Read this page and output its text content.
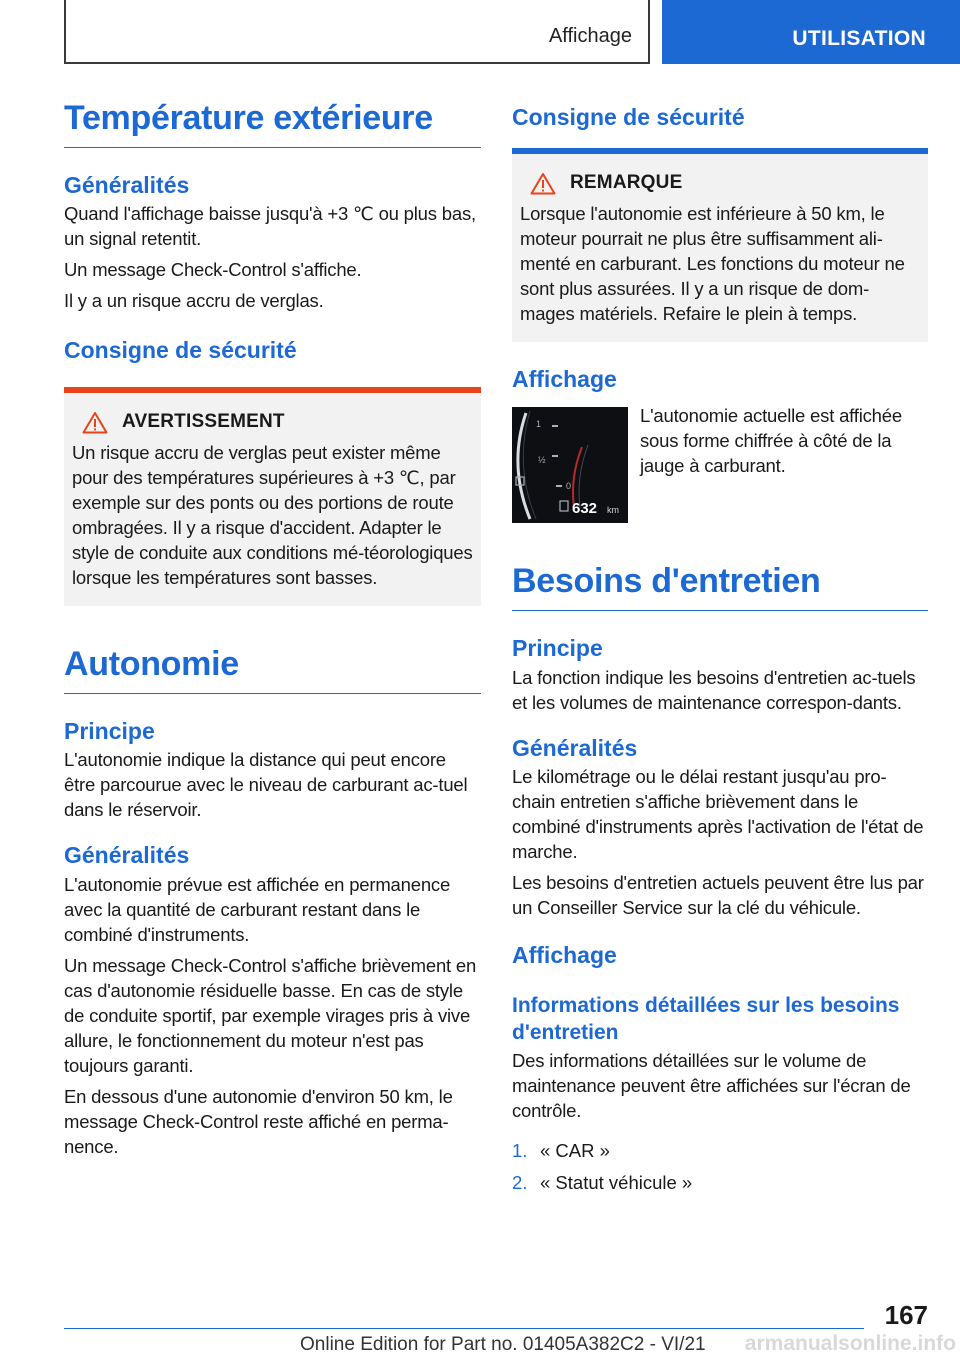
Affichage	UTILISATION
Température extérieure
Généralités

Quand l'affichage baisse jusqu'à +3 ℃ ou plus bas, un signal retentit.

Un message Check-Control s'affiche.

Il y a un risque accru de verglas.

Consigne de sécurité
AVERTISSEMENT

Un risque accru de verglas peut exister même pour des températures supérieures à +3 ℃, par exemple sur des ponts ou des portions de route ombragées. Il y a risque d'accident. Adapter le style de conduite aux conditions mé-téorologiques lorsque les températures sont basses.

Autonomie
Principe

L'autonomie indique la distance qui peut encore être parcourue avec le niveau de carburant ac-tuel dans le réservoir.

Généralités

L'autonomie prévue est affichée en permanence avec la quantité de carburant restant dans le combiné d'instruments.

Un message Check-Control s'affiche brièvement en cas d'autonomie résiduelle basse. En cas de style de conduite sportif, par exemple virages pris à vive allure, le fonctionnement du moteur n'est pas toujours garanti.

En dessous d'une autonomie d'environ 50 km, le message Check-Control reste affiché en perma-nence.

Consigne de sécurité
REMARQUE

Lorsque l'autonomie est inférieure à 50 km, le moteur pourrait ne plus être suffisamment ali-menté en carburant. Les fonctions du moteur ne sont plus assurées. Il y a un risque de dom-mages matériels. Refaire le plein à temps.

Affichage
1
½
0
632 km

L'autonomie actuelle est affichée sous forme chiffrée à côté de la jauge à carburant.

Besoins d'entretien
Principe

La fonction indique les besoins d'entretien ac-tuels et les volumes de maintenance correspon-dants.

Généralités

Le kilométrage ou le délai restant jusqu'au pro-chain entretien s'affiche brièvement dans le combiné d'instruments après l'activation de l'état de marche.

Les besoins d'entretien actuels peuvent être lus par un Conseiller Service sur la clé du véhicule.

Affichage
Informations détaillées sur les besoins d'entretien

Des informations détaillées sur le volume de maintenance peuvent être affichées sur l'écran de contrôle.

1. « CAR »
2. « Statut véhicule »
167
Online Edition for Part no. 01405A382C2 - VI/21 armanualsonline.info
